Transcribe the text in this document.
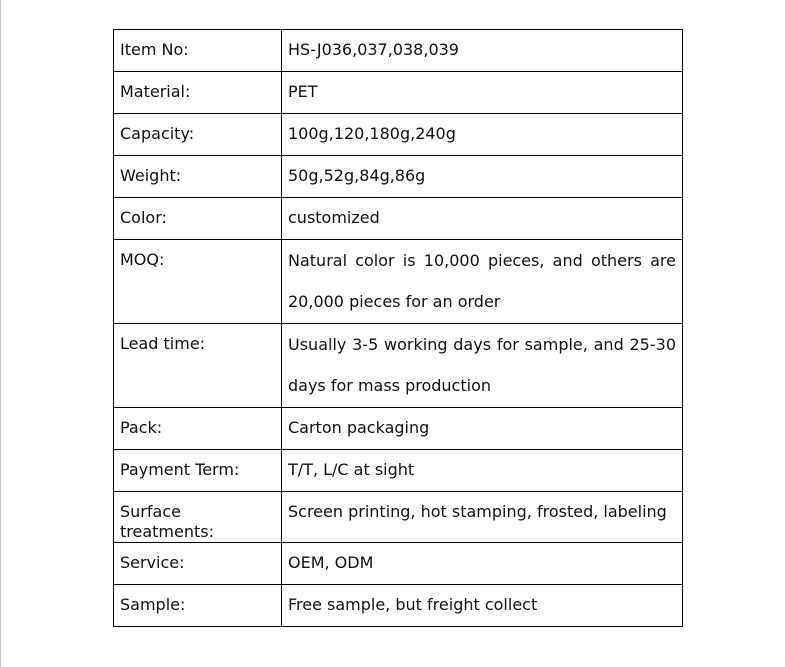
Item No:	HS-J036,037,038,039
Material:	PET
Capacity:	100g,120,180g,240g
Weight:	50g,52g,84g,86g
Color:	customized
MOQ:	Natural color is 10,000 pieces, and others are 20,000 pieces for an order
Lead time:	Usually 3-5 working days for sample, and 25-30 days for mass production
Pack:	Carton packaging
Payment Term:	T/T, L/C at sight
Surface treatments:	Screen printing, hot stamping, frosted, labeling
Service:	OEM, ODM
Sample:	Free sample, but freight collect
